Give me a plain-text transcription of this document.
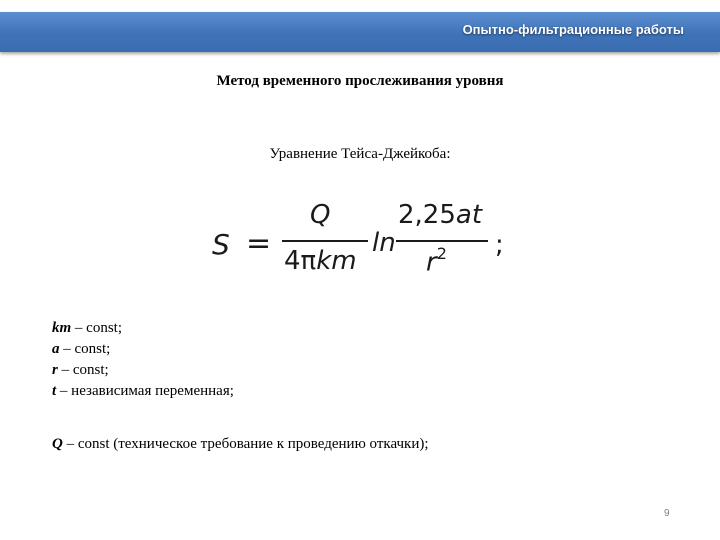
Опытно-фильтрационные работы
Метод временного прослеживания уровня
Уравнение Тейса-Джейкоба:
S =
Q
4πkm
ln
2,25at
$r^2$ ;
km – const;
a – const;
r – const;
t – независимая переменная;
Q – const (техническое требование к проведению откачки);
9
